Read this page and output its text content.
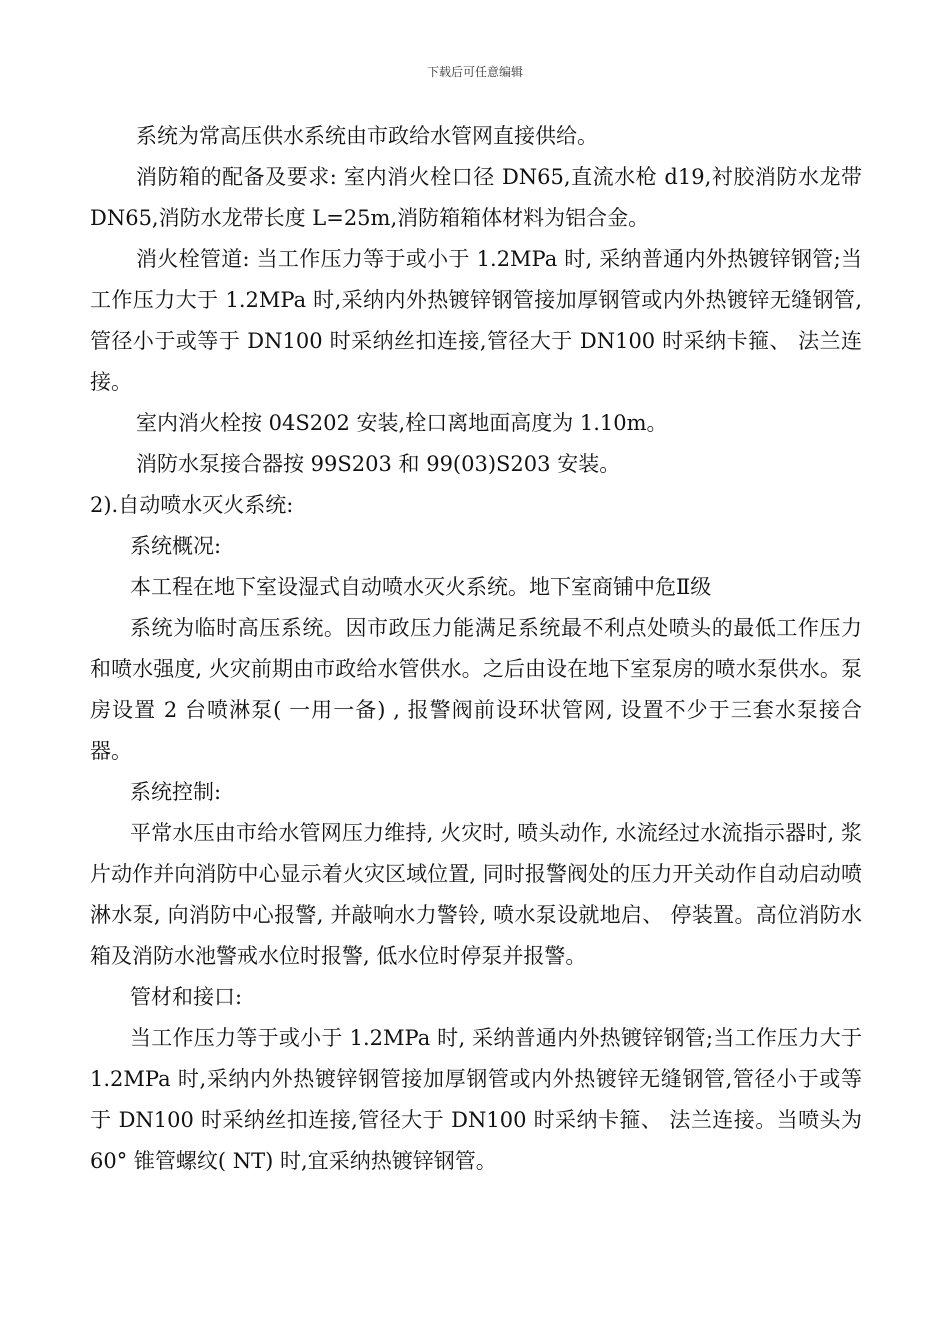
下载后可任意编辑

系统为常高压供水系统由市政给水管网直接供给。

消防箱的配备及要求: 室内消火栓口径 DN65,直流水枪 d19,衬胶消防水龙带 DN65,消防水龙带长度 L=25m,消防箱箱体材料为铝合金。

消火栓管道: 当工作压力等于或小于 1.2MPa 时, 采纳普通内外热镀锌钢管;当工作压力大于 1.2MPa 时,采纳内外热镀锌钢管接加厚钢管或内外热镀锌无缝钢管,管径小于或等于 DN100 时采纳丝扣连接,管径大于 DN100 时采纳卡箍、 法兰连接。

室内消火栓按 04S202 安装,栓口离地面高度为 1.10m。

消防水泵接合器按 99S203 和 99(03)S203 安装。

2).自动喷水灭火系统:

系统概况:

本工程在地下室设湿式自动喷水灭火系统。地下室商铺中危Ⅱ级

系统为临时高压系统。因市政压力能满足系统最不利点处喷头的最低工作压力和喷水强度, 火灾前期由市政给水管供水。之后由设在地下室泵房的喷水泵供水。泵房设置 2 台喷淋泵( 一用一备) , 报警阀前设环状管网, 设置不少于三套水泵接合器。

系统控制:

平常水压由市给水管网压力维持, 火灾时, 喷头动作, 水流经过水流指示器时, 浆片动作并向消防中心显示着火灾区域位置, 同时报警阀处的压力开关动作自动启动喷淋水泵, 向消防中心报警, 并敲响水力警铃, 喷水泵设就地启、 停装置。高位消防水箱及消防水池警戒水位时报警, 低水位时停泵并报警。

管材和接口:

当工作压力等于或小于 1.2MPa 时, 采纳普通内外热镀锌钢管;当工作压力大于 1.2MPa 时,采纳内外热镀锌钢管接加厚钢管或内外热镀锌无缝钢管,管径小于或等于 DN100 时采纳丝扣连接,管径大于 DN100 时采纳卡箍、 法兰连接。当喷头为 60° 锥管螺纹( NT) 时,宜采纳热镀锌钢管。
